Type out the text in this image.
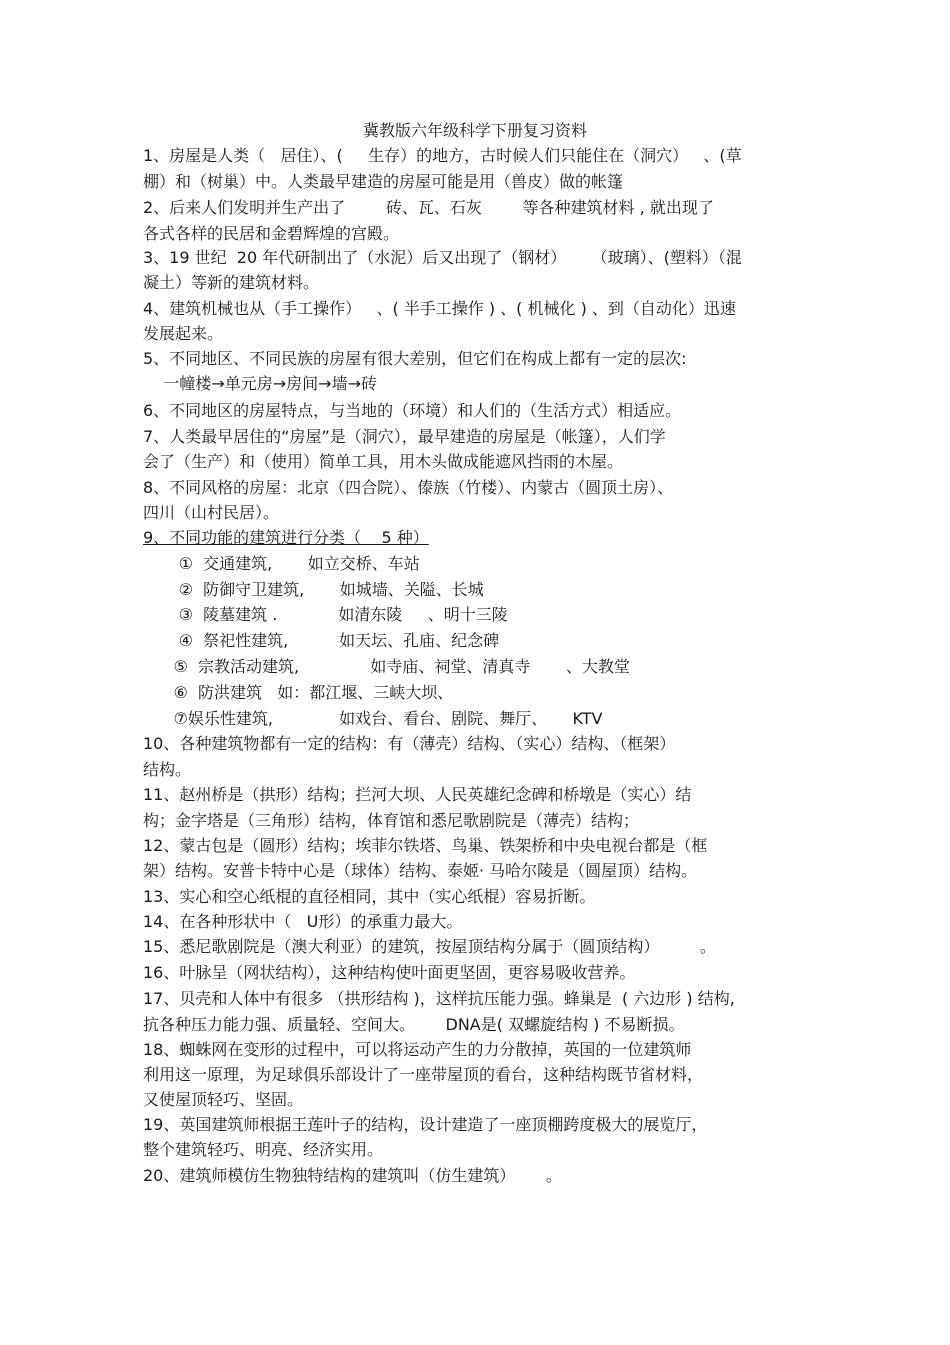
冀教版六年级科学下册复习资料
1、房屋是人类（   居住）、(     生存）的地方，古时候人们只能住在（洞穴）   、(草
棚）和（树巢）中。人类最早建造的房屋可能是用（兽皮）做的帐篷
2、后来人们发明并生产出了        砖、瓦、石灰        等各种建筑材料 , 就出现了
各式各样的民居和金碧辉煌的宫殿。
3、19 世纪  20 年代研制出了（水泥）后又出现了（钢材）     （玻璃）、(塑料）（混
凝土）等新的建筑材料。
4、建筑机械也从（手工操作）   、( 半手工操作 ) 、( 机械化 ) 、到（自动化）迅速
发展起来。
5、不同地区、不同民族的房屋有很大差别，但它们在构成上都有一定的层次:
一幢楼→单元房→房间→墙→砖
6、不同地区的房屋特点，与当地的（环境）和人们的（生活方式）相适应。
7、人类最早居住的“房屋”是（洞穴），最早建造的房屋是（帐篷），人们学
会了（生产）和（使用）简单工具，用木头做成能遮风挡雨的木屋。
8、不同风格的房屋：北京（四合院）、傣族（竹楼）、内蒙古（圆顶土房）、
四川（山村民居）。
9、不同功能的建筑进行分类（    5 种）
①  交通建筑,       如立交桥、车站
②  防御守卫建筑,       如城墙、关隘、长城
③  陵墓建筑 .            如清东陵     、明十三陵
④  祭祀性建筑,          如天坛、孔庙、纪念碑
⑤  宗教活动建筑,              如寺庙、祠堂、清真寺       、大教堂
⑥  防洪建筑   如：都江堰、三峡大坝、
⑦娱乐性建筑,             如戏台、看台、剧院、舞厅、     KTV
10、各种建筑物都有一定的结构：有（薄壳）结构、（实心）结构、（框架）
结构。
11、赵州桥是（拱形）结构；拦河大坝、人民英雄纪念碑和桥墩是（实心）结
构；金字塔是（三角形）结构，体育馆和悉尼歌剧院是（薄壳）结构；
12、蒙古包是（圆形）结构；埃菲尔铁塔、鸟巢、铁架桥和中央电视台都是（框
架）结构。安普卡特中心是（球体）结构、泰姬· 马哈尔陵是（圆屋顶）结构。
13、实心和空心纸棍的直径相同，其中（实心纸棍）容易折断。
14、在各种形状中（   U形）的承重力最大。
15、悉尼歌剧院是（澳大利亚）的建筑，按屋顶结构分属于（圆顶结构）        。
16、叶脉呈（网状结构），这种结构使叶面更坚固，更容易吸收营养。
17、贝壳和人体中有很多 （拱形结构 )，这样抗压能力强。蜂巢是  ( 六边形 ) 结构,
抗各种压力能力强、质量轻、空间大。      DNA是( 双螺旋结构 ) 不易断损。
18、蜘蛛网在变形的过程中，可以将运动产生的力分散掉，英国的一位建筑师
利用这一原理，为足球俱乐部设计了一座带屋顶的看台，这种结构既节省材料，
又使屋顶轻巧、坚固。
19、英国建筑师根据王莲叶子的结构，设计建造了一座顶棚跨度极大的展览厅，
整个建筑轻巧、明亮、经济实用。
20、建筑师模仿生物独特结构的建筑叫（仿生建筑）      。
